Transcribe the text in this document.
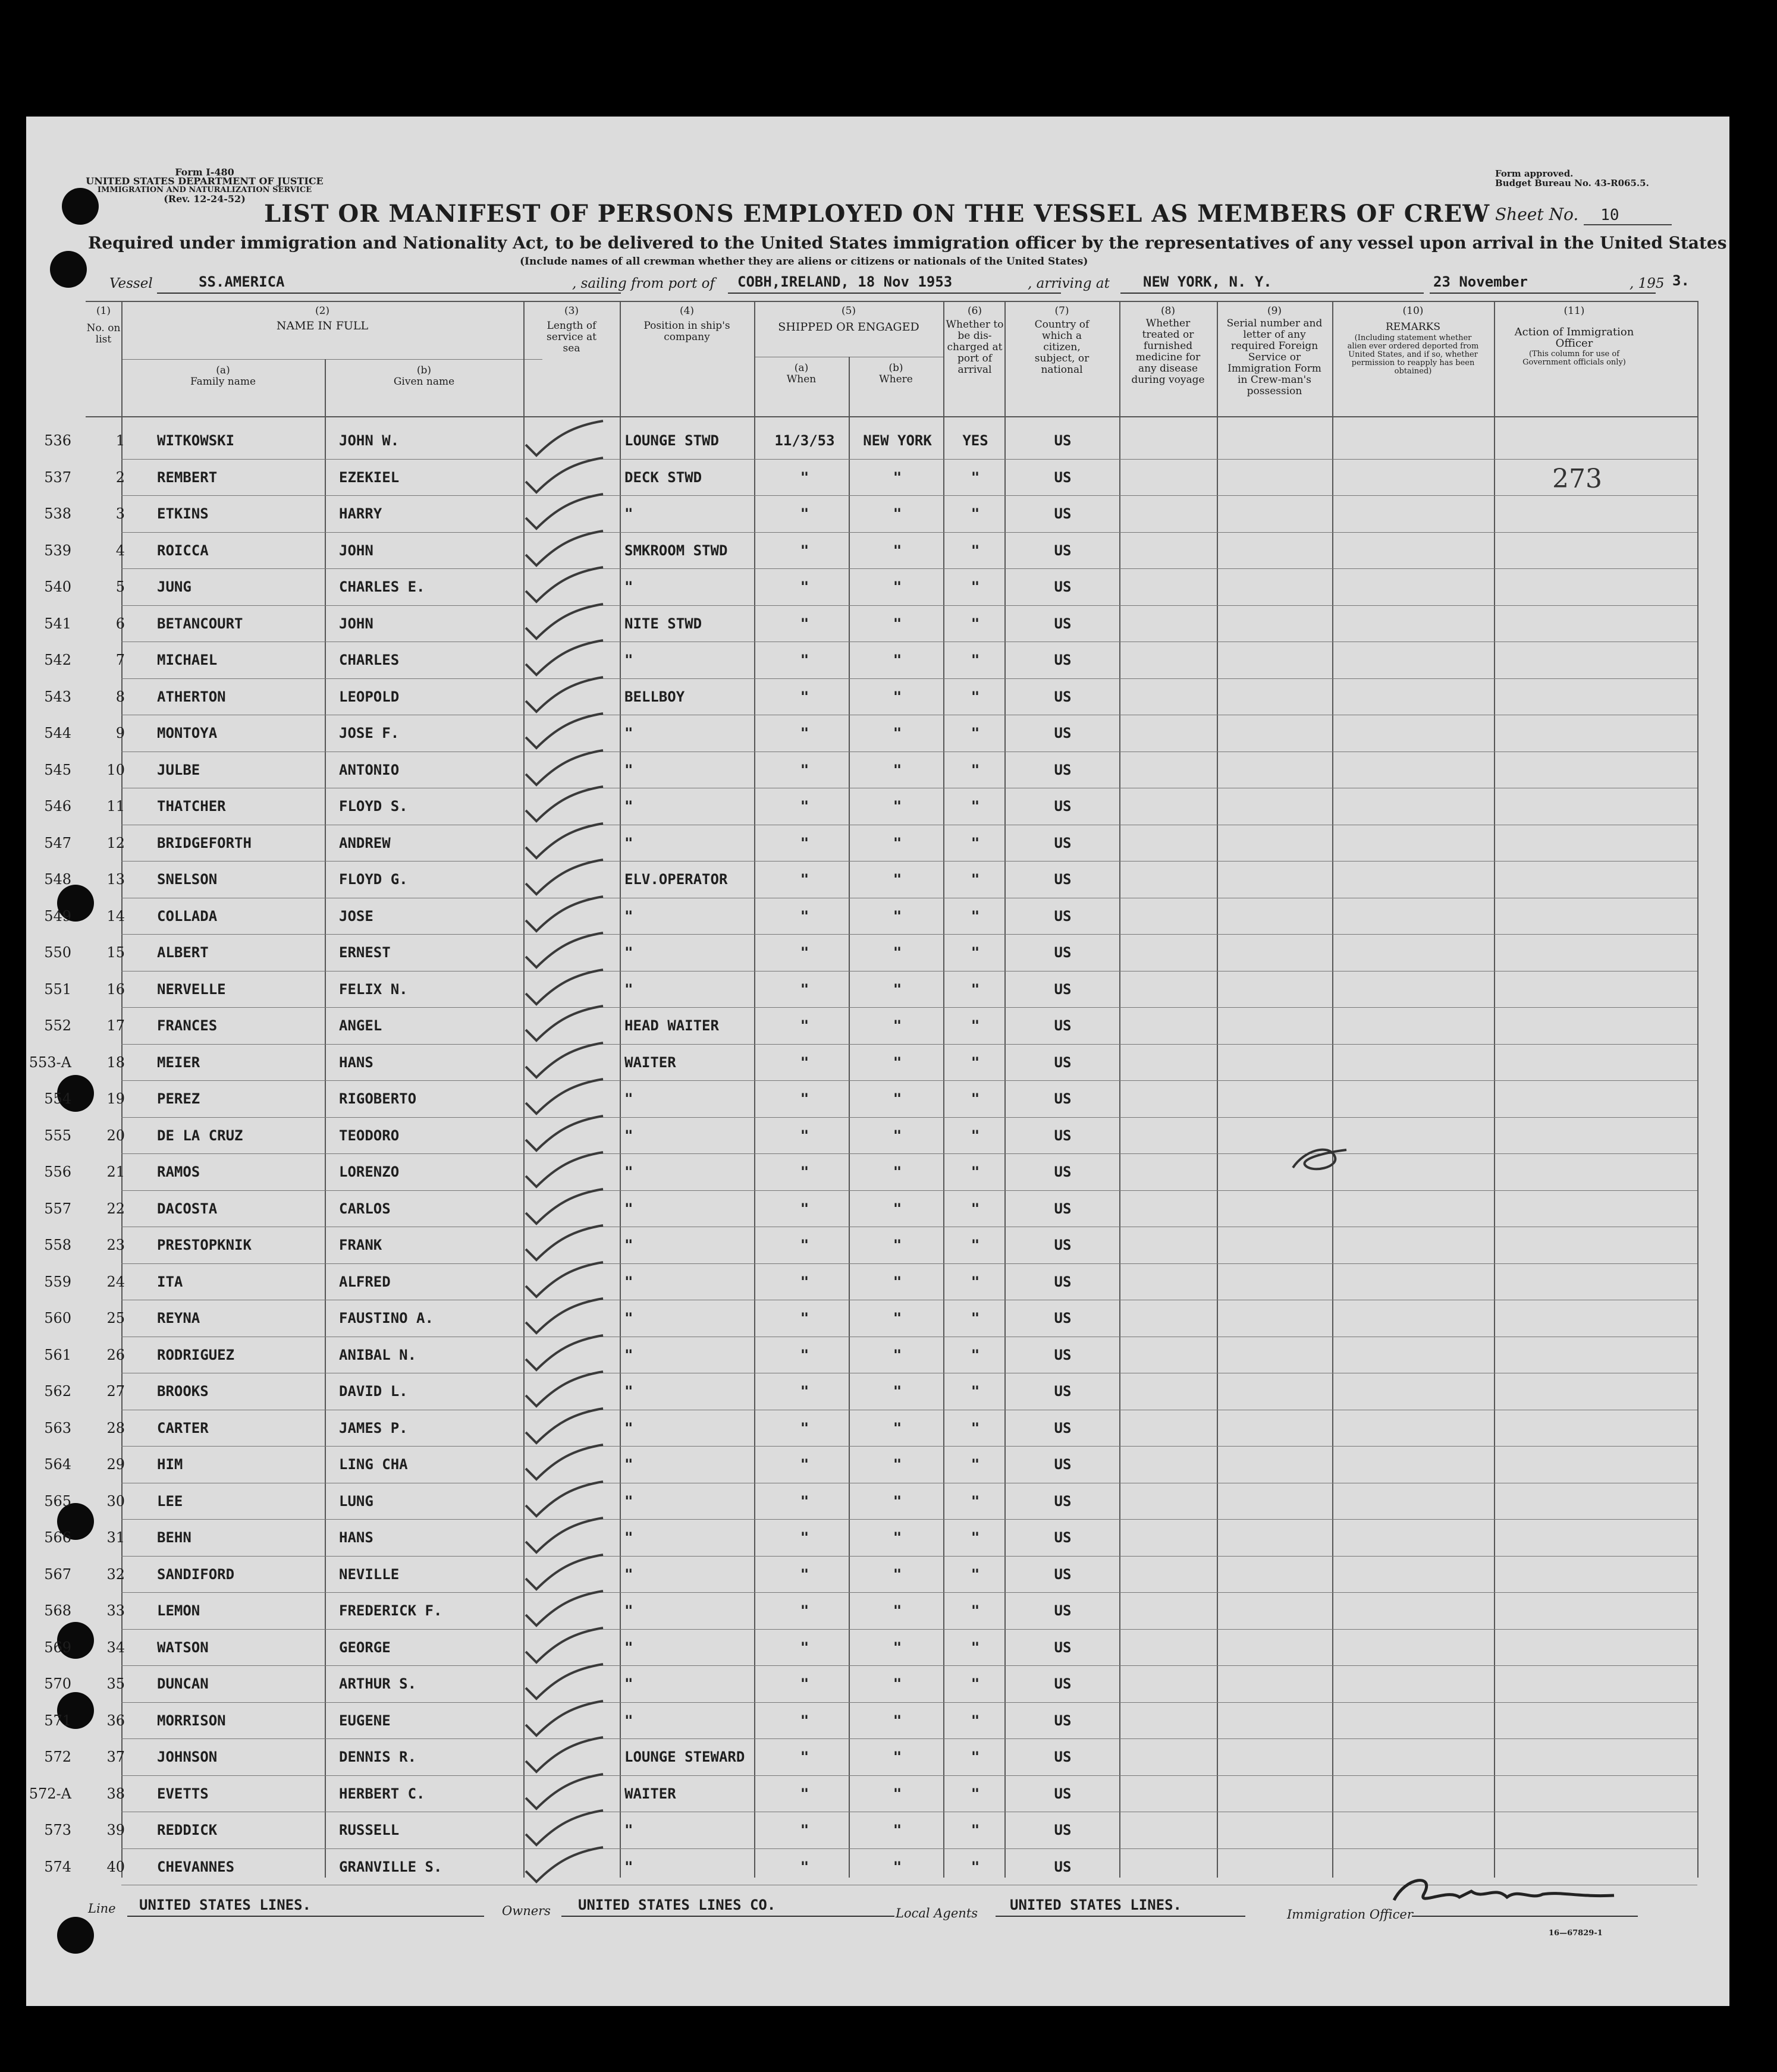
Form I-480
UNITED STATES DEPARTMENT OF JUSTICE
IMMIGRATION AND NATURALIZATION SERVICE
(Rev. 12-24-52)
Form approved.
Budget Bureau No. 43-R065.5.
LIST OR MANIFEST OF PERSONS EMPLOYED ON THE VESSEL AS MEMBERS OF CREW Sheet No. 10
Required under immigration and Nationality Act, to be delivered to the United States immigration officer by the representatives of any vessel upon arrival in the United States
(Include names of all crewman whether they are aliens or citizens or nationals of the United States)
Vessel	SS.AMERICA	, sailing from port of COBH,IRELAND, 18 Nov 1953	, arriving at NEW YORK, N. Y.	23 November	, 195 3.
(1)
No. on list
(2)
NAME IN FULL
(a)
Family name
(b)
Given name
(3)
Length of service at sea
(4)
Position in ship's company
(5)
SHIPPED OR ENGAGED
(a)
When
(b)
Where
(6)
Whether to be dis-charged at port of arrival
(7)
Country of which a citizen, subject, or national
(8)
Whether treated or furnished medicine for any disease during voyage
(9)
Serial number and letter of any required Foreign Service or Immigration Form in Crew-man's possession
(10)
REMARKS
(Including statement whether alien ever ordered deported from United States, and if so, whether permission to reapply has been obtained)
(11)
Action of Immigration Officer
(This column for use of Government officials only)
536	1 WITKOWSKI	JOHN W.	LOUNGE STWD	11/3/53	NEW YORK	YES	US
537	2 REMBERT	EZEKIEL	DECK STWD	"	"	"	US
538	3 ETKINS	HARRY	"	"	"	"	US
539	4 ROICCA	JOHN	SMKROOM STWD	"	"	"	US
540	5 JUNG	CHARLES E.	"	"	"	"	US
541	6 BETANCOURT	JOHN	NITE STWD	"	"	"	US
542	7 MICHAEL	CHARLES	"	"	"	"	US
543	8 ATHERTON	LEOPOLD	BELLBOY	"	"	"	US
544	9 MONTOYA	JOSE F.	"	"	"	"	US
545	10 JULBE	ANTONIO	"	"	"	"	US
546	11 THATCHER	FLOYD S.	"	"	"	"	US
547	12 BRIDGEFORTH	ANDREW	"	"	"	"	US
548	13 SNELSON	FLOYD G.	ELV.OPERATOR	"	"	"	US
549	14 COLLADA	JOSE	"	"	"	"	US
550	15 ALBERT	ERNEST	"	"	"	"	US
551	16 NERVELLE	FELIX N.	"	"	"	"	US
552	17 FRANCES	ANGEL	HEAD WAITER	"	"	"	US
553-A	18 MEIER	HANS	WAITER	"	"	"	US
554	19 PEREZ	RIGOBERTO	"	"	"	"	US
555	20 DE LA CRUZ	TEODORO	"	"	"	"	US
556	21 RAMOS	LORENZO	"	"	"	"	US
557	22 DACOSTA	CARLOS	"	"	"	"	US
558	23 PRESTOPKNIK	FRANK	"	"	"	"	US
559	24 ITA	ALFRED	"	"	"	"	US
560	25 REYNA	FAUSTINO A.	"	"	"	"	US
561	26 RODRIGUEZ	ANIBAL N.	"	"	"	"	US
562	27 BROOKS	DAVID L.	"	"	"	"	US
563	28 CARTER	JAMES P.	"	"	"	"	US
564	29 HIM	LING CHA	"	"	"	"	US
565	30 LEE	LUNG	"	"	"	"	US
566	31 BEHN	HANS	"	"	"	"	US
567	32 SANDIFORD	NEVILLE	"	"	"	"	US
568	33 LEMON	FREDERICK F.	"	"	"	"	US
569	34 WATSON	GEORGE	"	"	"	"	US
570	35 DUNCAN	ARTHUR S.	"	"	"	"	US
571	36 MORRISON	EUGENE	"	"	"	"	US
572	37 JOHNSON	DENNIS R.	LOUNGE STEWARD	"	"	"	US
572-A	38 EVETTS	HERBERT C.	WAITER	"	"	"	US
573	39 REDDICK	RUSSELL	"	"	"	"	US
574	40 CHEVANNES	GRANVILLE S.	"	"	"	"	US
273
Line UNITED STATES LINES.	Owners UNITED STATES LINES CO.	Local Agents UNITED STATES LINES.
Immigration Officer
16—67829-1
